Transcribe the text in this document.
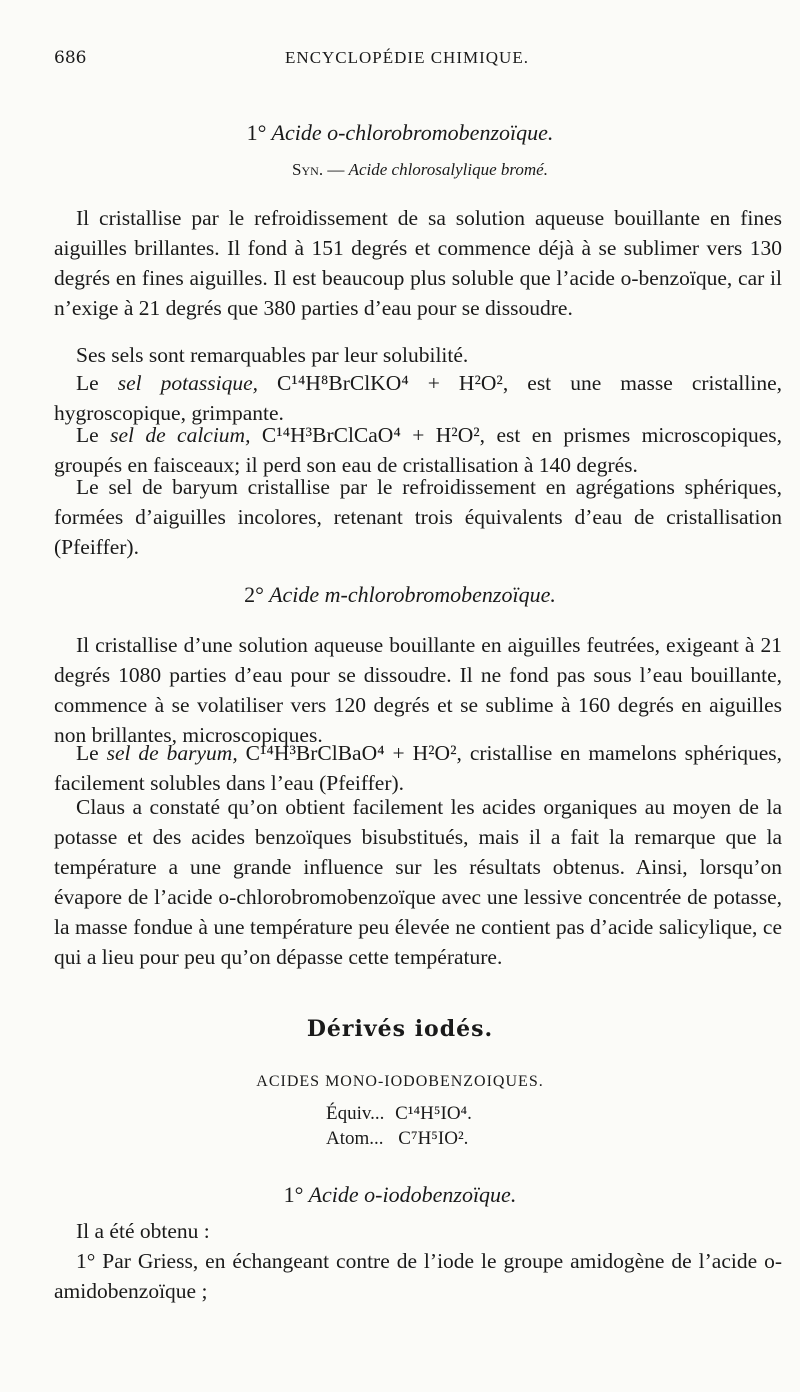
686	ENCYCLOPÉDIE CHIMIQUE.
1° Acide o-chlorobromobenzoïque.
Syn. — Acide chlorosalylique bromé.

Il cristallise par le refroidissement de sa solution aqueuse bouillante en fines aiguilles brillantes. Il fond à 151 degrés et commence déjà à se sublimer vers 130 degrés en fines aiguilles. Il est beaucoup plus soluble que l’acide o-benzoïque, car il n’exige à 21 degrés que 380 parties d’eau pour se dissoudre.

Ses sels sont remarquables par leur solubilité.

Le sel potassique, C¹⁴H⁸BrClKO⁴ + H²O², est une masse cristalline, hygroscopique, grimpante.

Le sel de calcium, C¹⁴H³BrClCaO⁴ + H²O², est en prismes microscopiques, groupés en faisceaux; il perd son eau de cristallisation à 140 degrés.

Le sel de baryum cristallise par le refroidissement en agrégations sphériques, formées d’aiguilles incolores, retenant trois équivalents d’eau de cristallisation (Pfeiffer).

2° Acide m-chlorobromobenzoïque.

Il cristallise d’une solution aqueuse bouillante en aiguilles feutrées, exigeant à 21 degrés 1080 parties d’eau pour se dissoudre. Il ne fond pas sous l’eau bouillante, commence à se volatiliser vers 120 degrés et se sublime à 160 degrés en aiguilles non brillantes, microscopiques.

Le sel de baryum, C¹⁴H³BrClBaO⁴ + H²O², cristallise en mamelons sphériques, facilement solubles dans l’eau (Pfeiffer).

Claus a constaté qu’on obtient facilement les acides organiques au moyen de la potasse et des acides benzoïques bisubstitués, mais il a fait la remarque que la température a une grande influence sur les résultats obtenus. Ainsi, lorsqu’on évapore de l’acide o-chlorobromobenzoïque avec une lessive concentrée de potasse, la masse fondue à une température peu élevée ne contient pas d’acide salicylique, ce qui a lieu pour peu qu’on dépasse cette température.

Dérivés iodés.
ACIDES MONO-IODOBENZOIQUES.
Équiv... C¹⁴H⁵IO⁴.
Atom... C⁷H⁵IO².
1° Acide o-iodobenzoïque.

Il a été obtenu :

1° Par Griess, en échangeant contre de l’iode le groupe amidogène de l’acide o-amidobenzoïque ;
